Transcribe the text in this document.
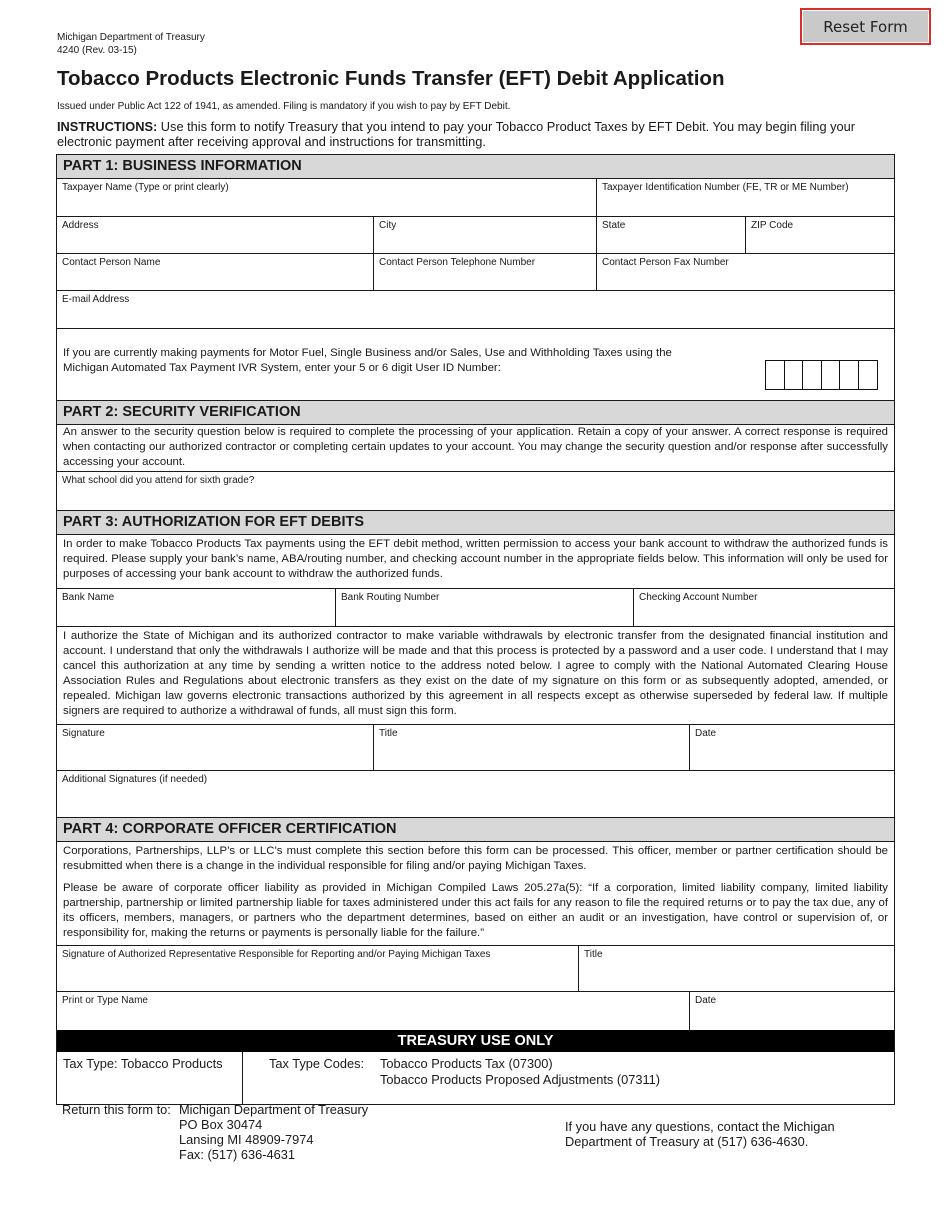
Reset Form
Michigan Department of Treasury
4240 (Rev. 03-15)
Tobacco Products Electronic Funds Transfer (EFT) Debit Application
Issued under Public Act 122 of 1941, as amended. Filing is mandatory if you wish to pay by EFT Debit.
INSTRUCTIONS: Use this form to notify Treasury that you intend to pay your Tobacco Product Taxes by EFT Debit. You may begin filing your electronic payment after receiving approval and instructions for transmitting.
PART 1: BUSINESS INFORMATION
Taxpayer Name (Type or print clearly)	Taxpayer Identification Number (FE, TR or ME Number)
Address	City	State	ZIP Code
Contact Person Name	Contact Person Telephone Number	Contact Person Fax Number
E-mail Address
If you are currently making payments for Motor Fuel, Single Business and/or Sales, Use and Withholding Taxes using the
Michigan Automated Tax Payment IVR System, enter your 5 or 6 digit User ID Number:
PART 2: SECURITY VERIFICATION
An answer to the security question below is required to complete the processing of your application. Retain a copy of your answer. A correct response is required when contacting our authorized contractor or completing certain updates to your account. You may change the security question and/or response after successfully accessing your account.
What school did you attend for sixth grade?
PART 3: AUTHORIZATION FOR EFT DEBITS
In order to make Tobacco Products Tax payments using the EFT debit method, written permission to access your bank account to withdraw the authorized funds is required. Please supply your bank’s name, ABA/routing number, and checking account number in the appropriate fields below. This information will only be used for purposes of accessing your bank account to withdraw the authorized funds.
Bank Name	Bank Routing Number	Checking Account Number
I authorize the State of Michigan and its authorized contractor to make variable withdrawals by electronic transfer from the designated financial institution and account. I understand that only the withdrawals I authorize will be made and that this process is protected by a password and a user code. I understand that I may cancel this authorization at any time by sending a written notice to the address noted below. I agree to comply with the National Automated Clearing House Association Rules and Regulations about electronic transfers as they exist on the date of my signature on this form or as subsequently adopted, amended, or repealed. Michigan law governs electronic transactions authorized by this agreement in all respects except as otherwise superseded by federal law. If multiple signers are required to authorize a withdrawal of funds, all must sign this form.
Signature	Title	Date
Additional Signatures (if needed)
PART 4: CORPORATE OFFICER CERTIFICATION
Corporations, Partnerships, LLP’s or LLC’s must complete this section before this form can be processed. This officer, member or partner certification should be resubmitted when there is a change in the individual responsible for filing and/or paying Michigan Taxes.
Please be aware of corporate officer liability as provided in Michigan Compiled Laws 205.27a(5): “If a corporation, limited liability company, limited liability partnership, partnership or limited partnership liable for taxes administered under this act fails for any reason to file the required returns or to pay the tax due, any of its officers, members, managers, or partners who the department determines, based on either an audit or an investigation, have control or supervision of, or responsibility for, making the returns or payments is personally liable for the failure.”
Signature of Authorized Representative Responsible for Reporting and/or Paying Michigan Taxes	Title
Print or Type Name	Date
TREASURY USE ONLY
Tax Type: Tobacco Products	Tax Type Codes: Tobacco Products Tax (07300)
Tobacco Products Proposed Adjustments (07311)
Return this form to: Michigan Department of Treasury
PO Box 30474
Lansing MI 48909-7974
Fax: (517) 636-4631
If you have any questions, contact the Michigan
Department of Treasury at (517) 636-4630.
